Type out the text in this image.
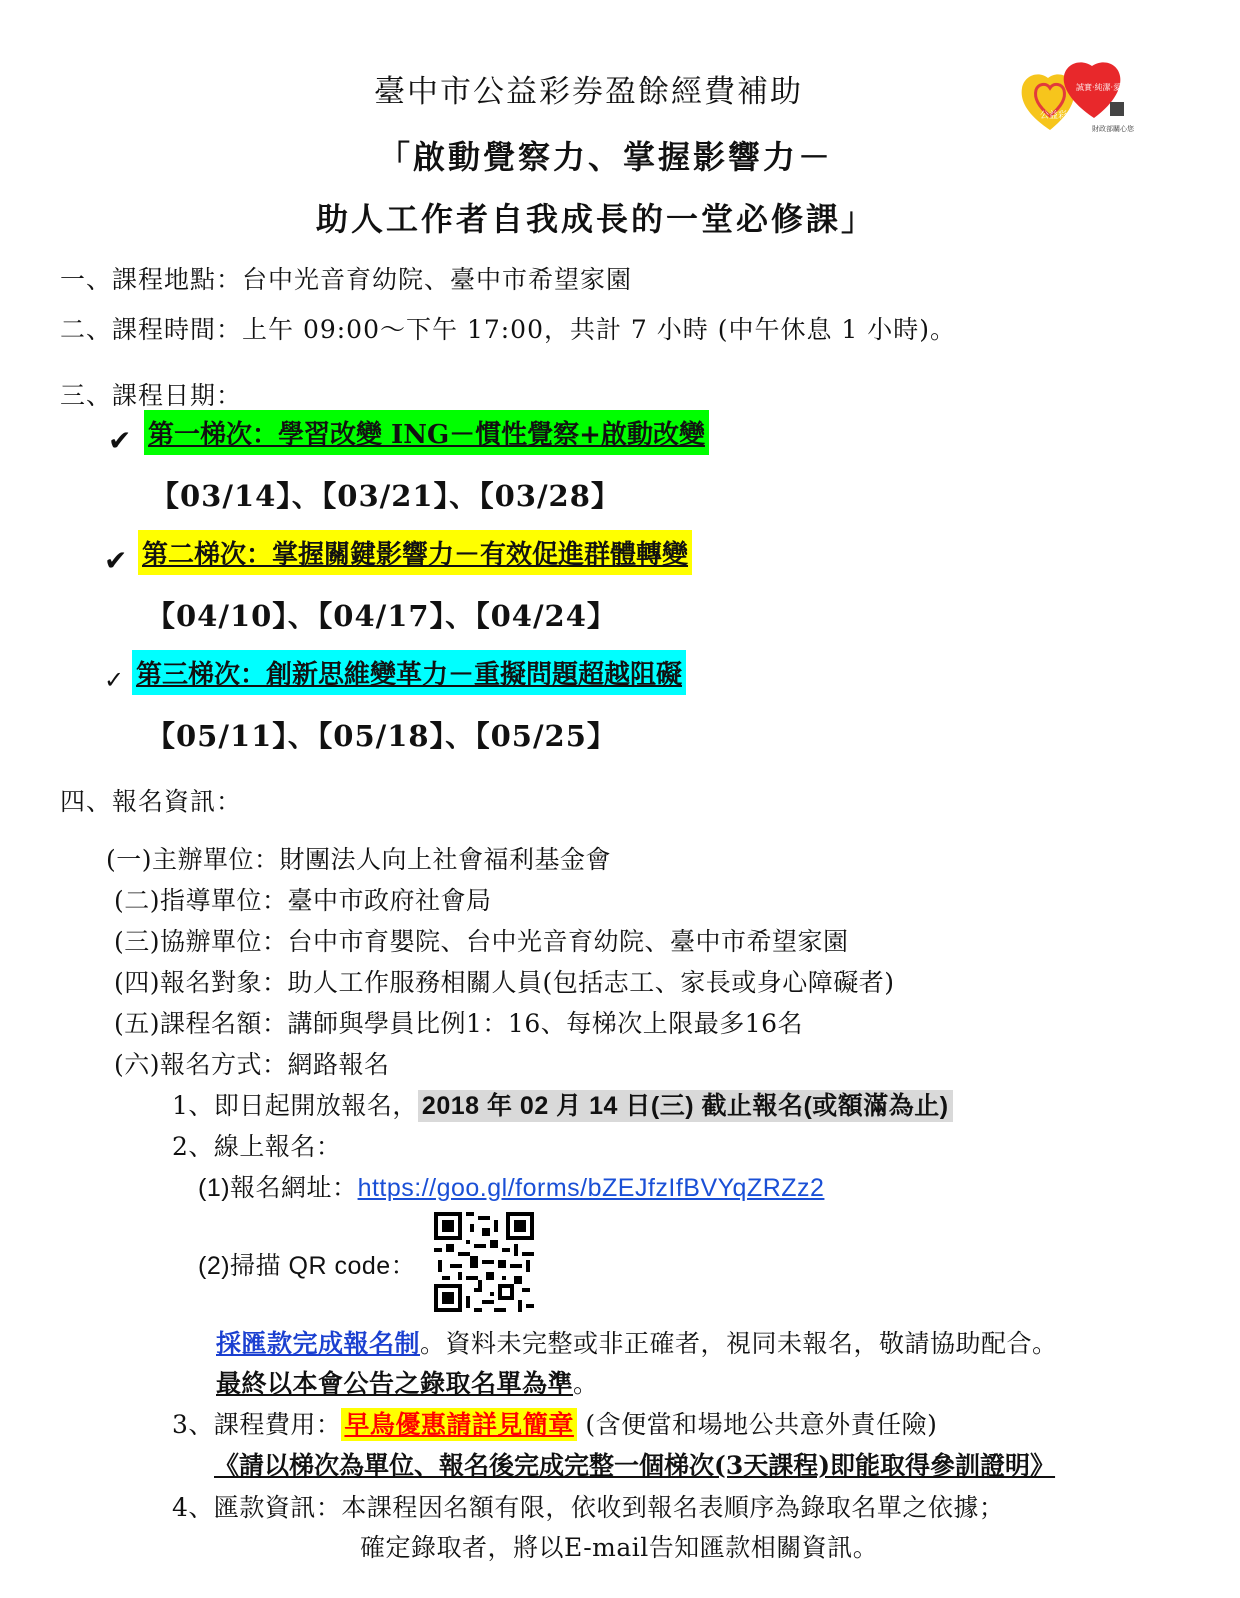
臺中市公益彩券盈餘經費補助
「啟動覺察力、掌握影響力－
助人工作者自我成長的一堂必修課」
誠實·純潔·愛
公益彩券
財政部關心您
一、課程地點：台中光音育幼院、臺中市希望家園
二、課程時間：上午 09:00～下午 17:00，共計 7 小時 (中午休息 1 小時)。
三、課程日期：
✔ 第一梯次：學習改變 ING－慣性覺察+啟動改變
【03/14】、【03/21】、【03/28】
✔ 第二梯次：掌握關鍵影響力－有效促進群體轉變
【04/10】、【04/17】、【04/24】
✓ 第三梯次：創新思維變革力－重擬問題超越阻礙
【05/11】、【05/18】、【05/25】
四、報名資訊：
(一)主辦單位：財團法人向上社會福利基金會
(二)指導單位：臺中市政府社會局
(三)協辦單位：台中市育嬰院、台中光音育幼院、臺中市希望家園
(四)報名對象：助人工作服務相關人員(包括志工、家長或身心障礙者)
(五)課程名額：講師與學員比例1：16、每梯次上限最多16名
(六)報名方式：網路報名
1、即日起開放報名， 2018 年 02 月 14 日(三) 截止報名(或額滿為止)
2、線上報名：
(1)報名網址：https://goo.gl/forms/bZEJfzIfBVYqZRZz2
(2)掃描 QR code：
採匯款完成報名制。資料未完整或非正確者，視同未報名，敬請協助配合。
最終以本會公告之錄取名單為準。
3、課程費用： 早鳥優惠請詳見簡章 (含便當和場地公共意外責任險)
《請以梯次為單位、報名後完成完整一個梯次(3天課程)即能取得參訓證明》
4、匯款資訊：本課程因名額有限，依收到報名表順序為錄取名單之依據；
確定錄取者，將以E-mail告知匯款相關資訊。
